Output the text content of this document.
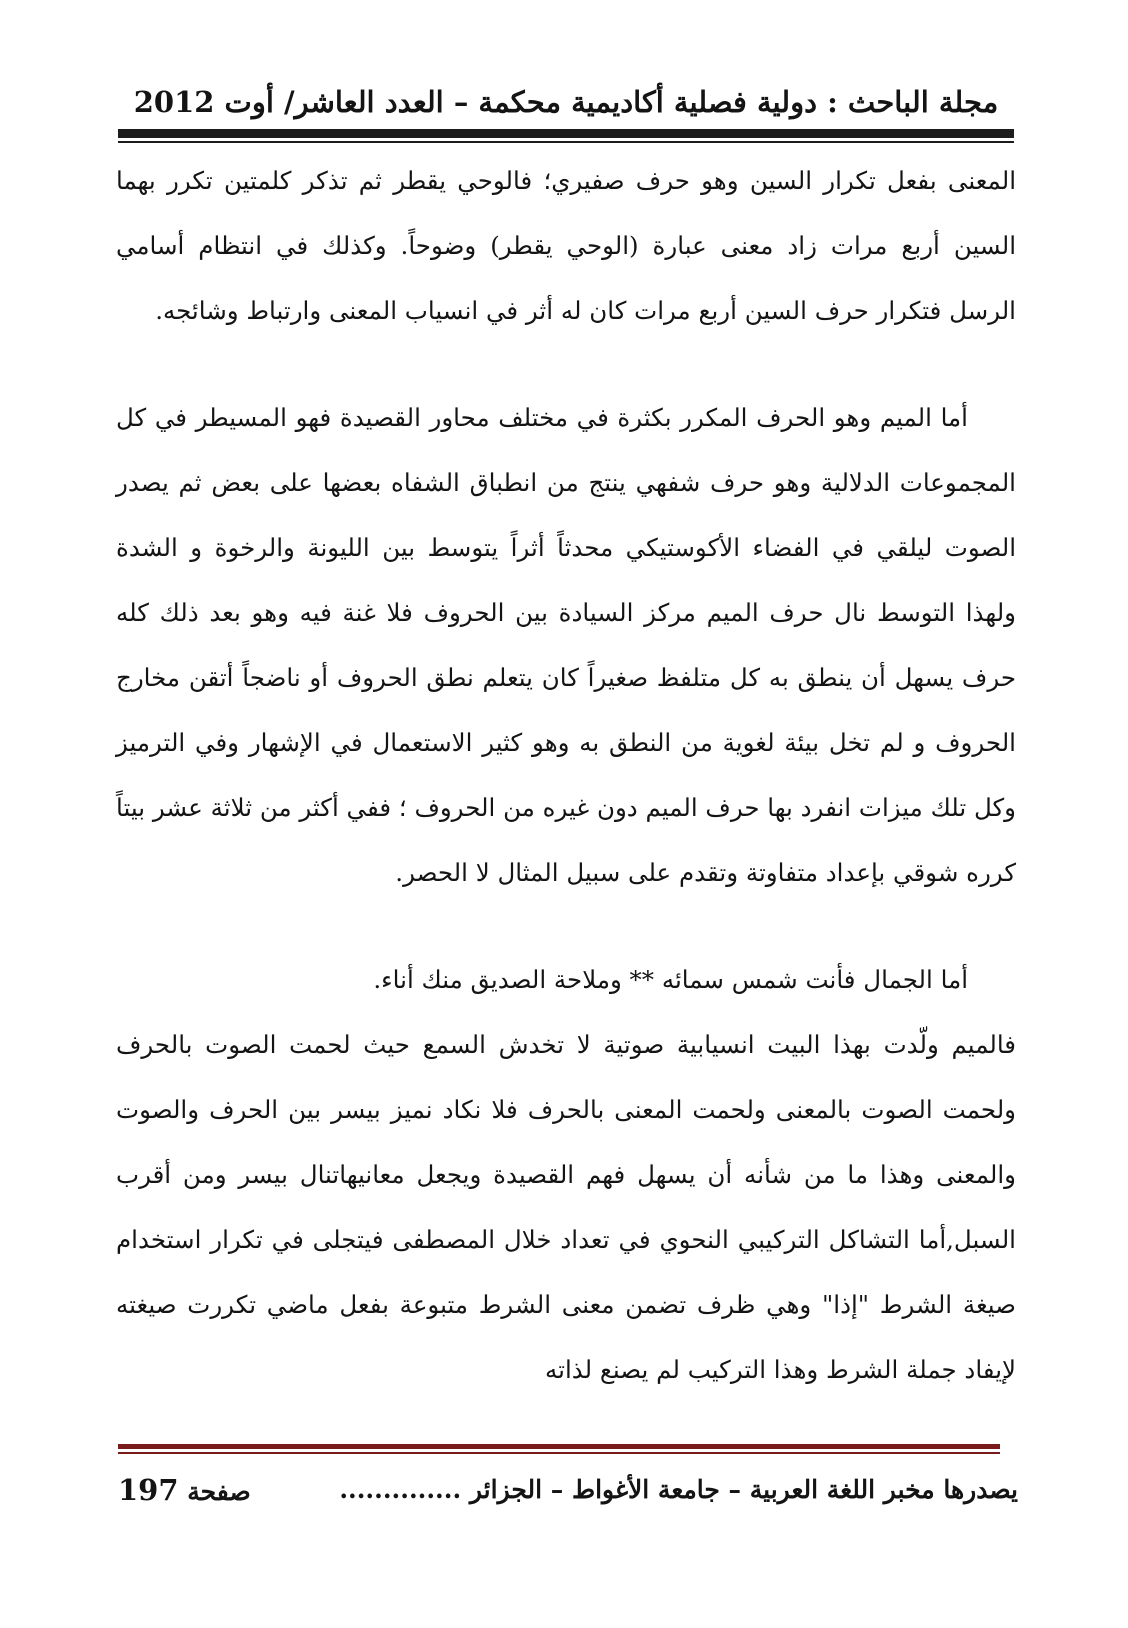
مجلة الباحث : دولية فصلية أكاديمية محكمة – العدد العاشر/ أوت 2012

المعنى بفعل تكرار السين وهو حرف صفيري؛ فالوحي يقطر ثم تذكر كلمتين تكرر بهما السين أربع مرات زاد معنى عبارة (الوحي يقطر) وضوحاً. وكذلك في انتظام أسامي الرسل فتكرار حرف السين أربع مرات كان له أثر في انسياب المعنى وارتباط وشائجه.

أما الميم وهو الحرف المكرر بكثرة في مختلف محاور القصيدة فهو المسيطر في كل المجموعات الدلالية وهو حرف شفهي ينتج من انطباق الشفاه بعضها على بعض ثم يصدر الصوت ليلقي في الفضاء الأكوستيكي محدثاً أثراً يتوسط بين الليونة والرخوة و الشدة ولهذا التوسط نال حرف الميم مركز السيادة بين الحروف فلا غنة فيه وهو بعد ذلك كله حرف يسهل أن ينطق به كل متلفظ صغيراً كان يتعلم نطق الحروف أو ناضجاً أتقن مخارج الحروف و لم تخل بيئة لغوية من النطق به وهو كثير الاستعمال في الإشهار وفي الترميز وكل تلك ميزات انفرد بها حرف الميم دون غيره من الحروف ؛ ففي أكثر من ثلاثة عشر بيتاً كرره شوقي بإعداد متفاوتة وتقدم على سبيل المثال لا الحصر.

أما الجمال فأنت شمس سمائه ** وملاحة الصديق منك أناء.

فالميم ولّدت بهذا البيت انسيابية صوتية لا تخدش السمع حيث لحمت الصوت بالحرف ولحمت الصوت بالمعنى ولحمت المعنى بالحرف فلا نكاد نميز بيسر بين الحرف والصوت والمعنى وهذا ما من شأنه أن يسهل فهم القصيدة ويجعل معانيهاتنال بيسر ومن أقرب السبل,أما التشاكل التركيبي النحوي في تعداد خلال المصطفى فيتجلى في تكرار استخدام صيغة الشرط "إذا" وهي ظرف تضمن معنى الشرط متبوعة بفعل ماضي تكررت صيغته لإيفاد جملة الشرط وهذا التركيب لم يصنع لذاته

يصدرها مخبر اللغة العربية – جامعة الأغواط – الجزائر ..............
صفحة 197
